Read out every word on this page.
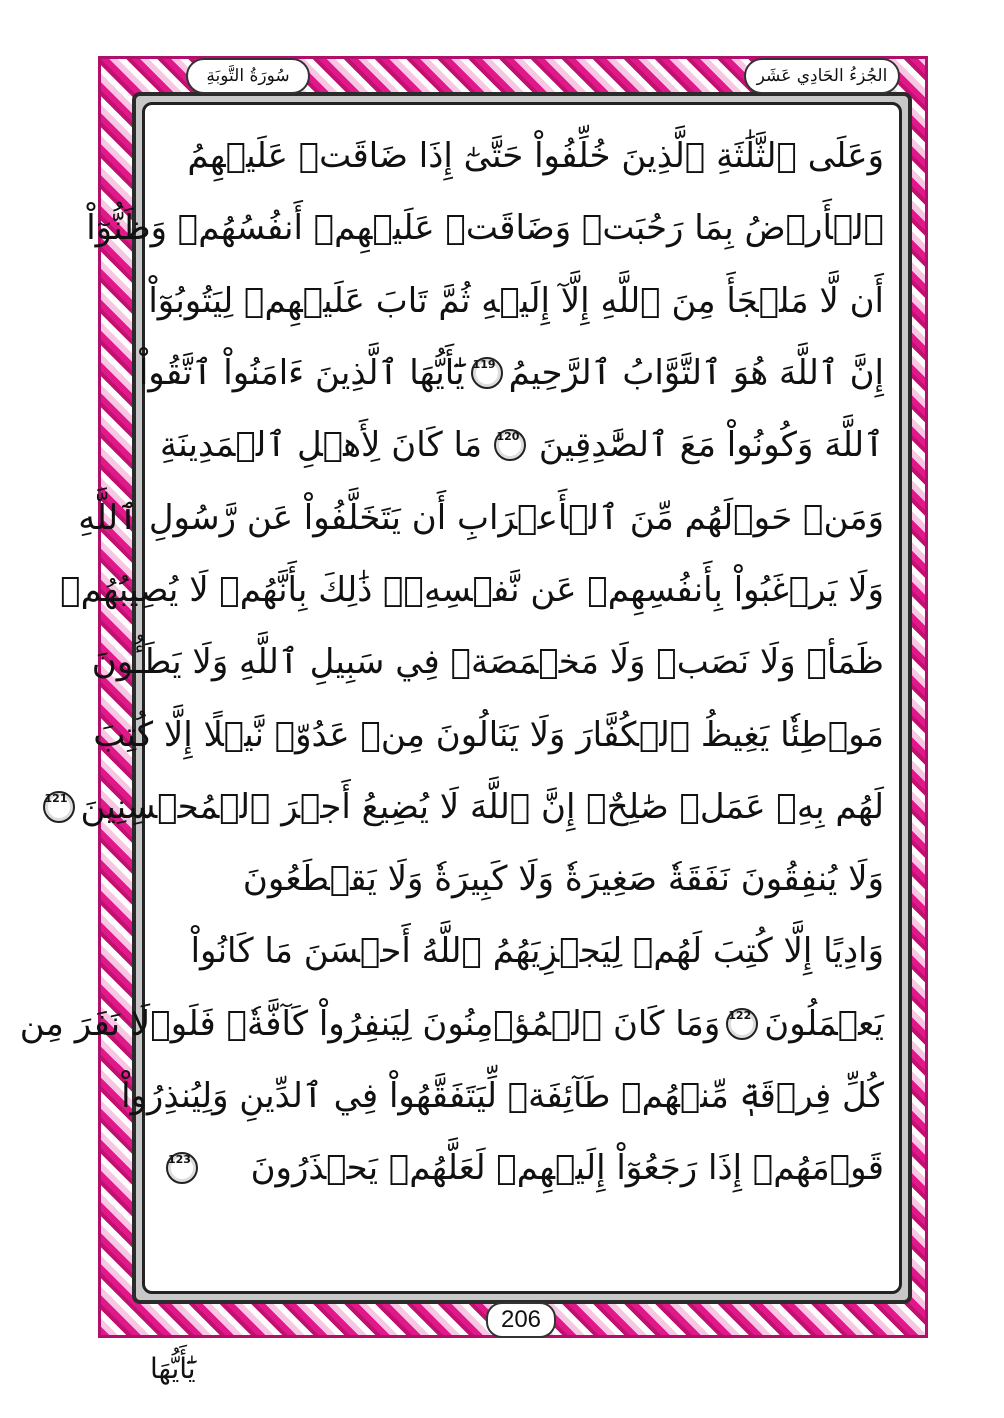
الجُزءُ الحَادِي عَشَر
سُورَةُ التَّوبَةِ
وَعَلَى ٱلثَّلَٰثَةِ ٱلَّذِينَ خُلِّفُواْ حَتَّىٰٓ إِذَا ضَاقَتۡ عَلَيۡهِمُ
ٱلۡأَرۡضُ بِمَا رَحُبَتۡ وَضَاقَتۡ عَلَيۡهِمۡ أَنفُسُهُمۡ وَظَنُّوٓاْ
أَن لَّا مَلۡجَأَ مِنَ ٱللَّهِ إِلَّآ إِلَيۡهِ ثُمَّ تَابَ عَلَيۡهِمۡ لِيَتُوبُوٓاْ
إِنَّ ٱللَّهَ هُوَ ٱلتَّوَّابُ ٱلرَّحِيمُ
119
يَٰٓأَيُّهَا ٱلَّذِينَ ءَامَنُواْ ٱتَّقُواْ
ٱللَّهَ وَكُونُواْ مَعَ ٱلصَّٰدِقِينَ
120
مَا كَانَ لِأَهۡلِ ٱلۡمَدِينَةِ
وَمَنۡ حَوۡلَهُم مِّنَ ٱلۡأَعۡرَابِ أَن يَتَخَلَّفُواْ عَن رَّسُولِ ٱللَّهِ
وَلَا يَرۡغَبُواْ بِأَنفُسِهِمۡ عَن نَّفۡسِهِۦۚ ذَٰلِكَ بِأَنَّهُمۡ لَا يُصِيبُهُمۡ
ظَمَأٞ وَلَا نَصَبٞ وَلَا مَخۡمَصَةٞ فِي سَبِيلِ ٱللَّهِ وَلَا يَطَـُٔونَ
مَوۡطِئٗا يَغِيظُ ٱلۡكُفَّارَ وَلَا يَنَالُونَ مِنۡ عَدُوّٖ نَّيۡلًا إِلَّا كُتِبَ
لَهُم بِهِۦ عَمَلٞ صَٰلِحٌۚ إِنَّ ٱللَّهَ لَا يُضِيعُ أَجۡرَ ٱلۡمُحۡسِنِينَ
121
وَلَا يُنفِقُونَ نَفَقَةٗ صَغِيرَةٗ وَلَا كَبِيرَةٗ وَلَا يَقۡطَعُونَ
وَادِيًا إِلَّا كُتِبَ لَهُمۡ لِيَجۡزِيَهُمُ ٱللَّهُ أَحۡسَنَ مَا كَانُواْ
يَعۡمَلُونَ
122
وَمَا كَانَ ٱلۡمُؤۡمِنُونَ لِيَنفِرُواْ كَآفَّةٗۚ فَلَوۡلَا نَفَرَ مِن
كُلِّ فِرۡقَةٖ مِّنۡهُمۡ طَآئِفَةٞ لِّيَتَفَقَّهُواْ فِي ٱلدِّينِ وَلِيُنذِرُواْ
قَوۡمَهُمۡ إِذَا رَجَعُوٓاْ إِلَيۡهِمۡ لَعَلَّهُمۡ يَحۡذَرُونَ
123
206
يَٰٓأَيُّهَا
